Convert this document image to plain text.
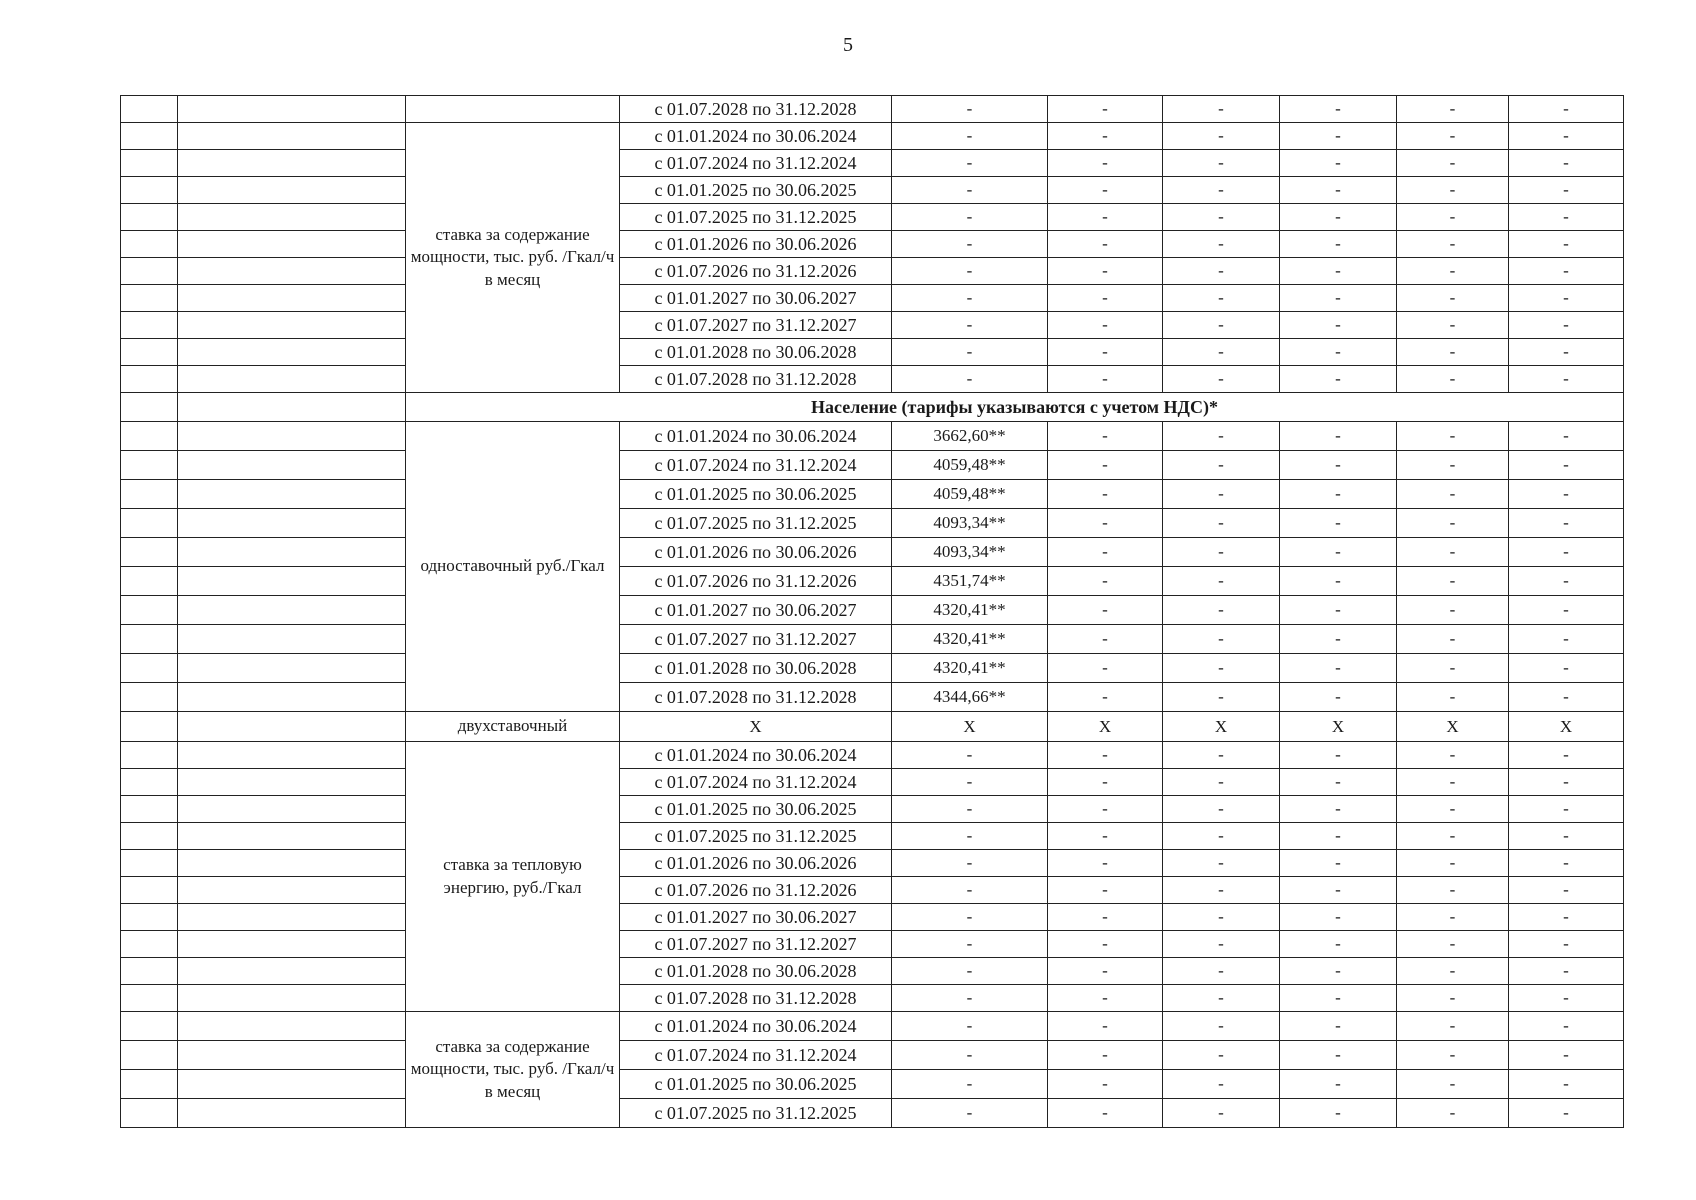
5
			с 01.07.2028 по 31.12.2028	-	-	-	-	-	-
		ставка за содержание мощности, тыс. руб. /Гкал/ч в месяц	с 01.01.2024 по 30.06.2024	-	-	-	-	-	-
			с 01.07.2024 по 31.12.2024	-	-	-	-	-	-
			с 01.01.2025 по 30.06.2025	-	-	-	-	-	-
			с 01.07.2025 по 31.12.2025	-	-	-	-	-	-
			с 01.01.2026 по 30.06.2026	-	-	-	-	-	-
			с 01.07.2026 по 31.12.2026	-	-	-	-	-	-
			с 01.01.2027 по 30.06.2027	-	-	-	-	-	-
			с 01.07.2027 по 31.12.2027	-	-	-	-	-	-
			с 01.01.2028 по 30.06.2028	-	-	-	-	-	-
			с 01.07.2028 по 31.12.2028	-	-	-	-	-	-
		Население (тарифы указываются с учетом НДС)*							
		одноставочный руб./Гкал	с 01.01.2024 по 30.06.2024	3662,60**	-	-	-	-	-
			с 01.07.2024 по 31.12.2024	4059,48**	-	-	-	-	-
			с 01.01.2025 по 30.06.2025	4059,48**	-	-	-	-	-
			с 01.07.2025 по 31.12.2025	4093,34**	-	-	-	-	-
			с 01.01.2026 по 30.06.2026	4093,34**	-	-	-	-	-
			с 01.07.2026 по 31.12.2026	4351,74**	-	-	-	-	-
			с 01.01.2027 по 30.06.2027	4320,41**	-	-	-	-	-
			с 01.07.2027 по 31.12.2027	4320,41**	-	-	-	-	-
			с 01.01.2028 по 30.06.2028	4320,41**	-	-	-	-	-
			с 01.07.2028 по 31.12.2028	4344,66**	-	-	-	-	-
		двухставочный	X	X	X	X	X	X	X
		ставка за тепловую энергию, руб./Гкал	с 01.01.2024 по 30.06.2024	-	-	-	-	-	-
			с 01.07.2024 по 31.12.2024	-	-	-	-	-	-
			с 01.01.2025 по 30.06.2025	-	-	-	-	-	-
			с 01.07.2025 по 31.12.2025	-	-	-	-	-	-
			с 01.01.2026 по 30.06.2026	-	-	-	-	-	-
			с 01.07.2026 по 31.12.2026	-	-	-	-	-	-
			с 01.01.2027 по 30.06.2027	-	-	-	-	-	-
			с 01.07.2027 по 31.12.2027	-	-	-	-	-	-
			с 01.01.2028 по 30.06.2028	-	-	-	-	-	-
			с 01.07.2028 по 31.12.2028	-	-	-	-	-	-
		ставка за содержание мощности, тыс. руб. /Гкал/ч в месяц	с 01.01.2024 по 30.06.2024	-	-	-	-	-	-
			с 01.07.2024 по 31.12.2024	-	-	-	-	-	-
			с 01.01.2025 по 30.06.2025	-	-	-	-	-	-
			с 01.07.2025 по 31.12.2025	-	-	-	-	-	-
